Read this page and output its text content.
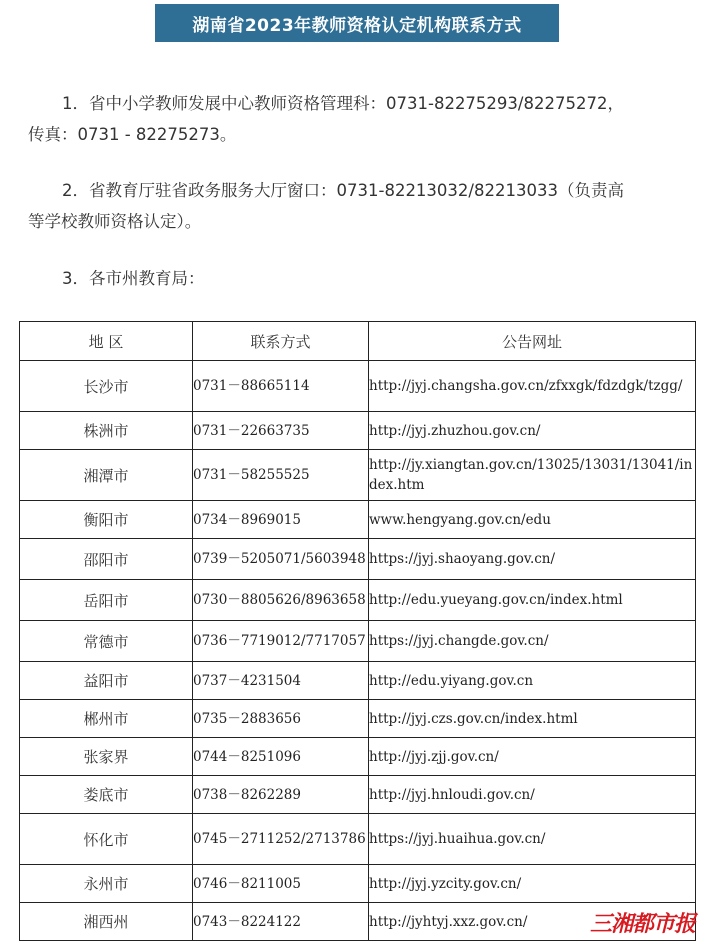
湖南省2023年教师资格认定机构联系方式
1．省中小学教师发展中心教师资格管理科：0731-82275293/82275272，
传真：0731 - 82275273。
2．省教育厅驻省政务服务大厅窗口：0731-82213032/82213033（负责高
等学校教师资格认定）。
3．各市州教育局：
地 区	联系方式	公告网址
长沙市	0731－88665114	http://jyj.changsha.gov.cn/zfxxgk/fdzdgk/tzgg/
株洲市	0731－22663735	http://jyj.zhuzhou.gov.cn/
湘潭市	0731－58255525	http://jy.xiangtan.gov.cn/13025/13031/13041/index.htm
衡阳市	0734－8969015	www.hengyang.gov.cn/edu
邵阳市	0739－5205071/5603948	https://jyj.shaoyang.gov.cn/
岳阳市	0730－8805626/8963658	http://edu.yueyang.gov.cn/index.html
常德市	0736－7719012/7717057	https://jyj.changde.gov.cn/
益阳市	0737－4231504	http://edu.yiyang.gov.cn
郴州市	0735－2883656	http://jyj.czs.gov.cn/index.html
张家界	0744－8251096	http://jyj.zjj.gov.cn/
娄底市	0738－8262289	http://jyj.hnloudi.gov.cn/
怀化市	0745－2711252/2713786	https://jyj.huaihua.gov.cn/
永州市	0746－8211005	http://jyj.yzcity.gov.cn/
湘西州	0743－8224122	http://jyhtyj.xxz.gov.cn/	三湘都市报
